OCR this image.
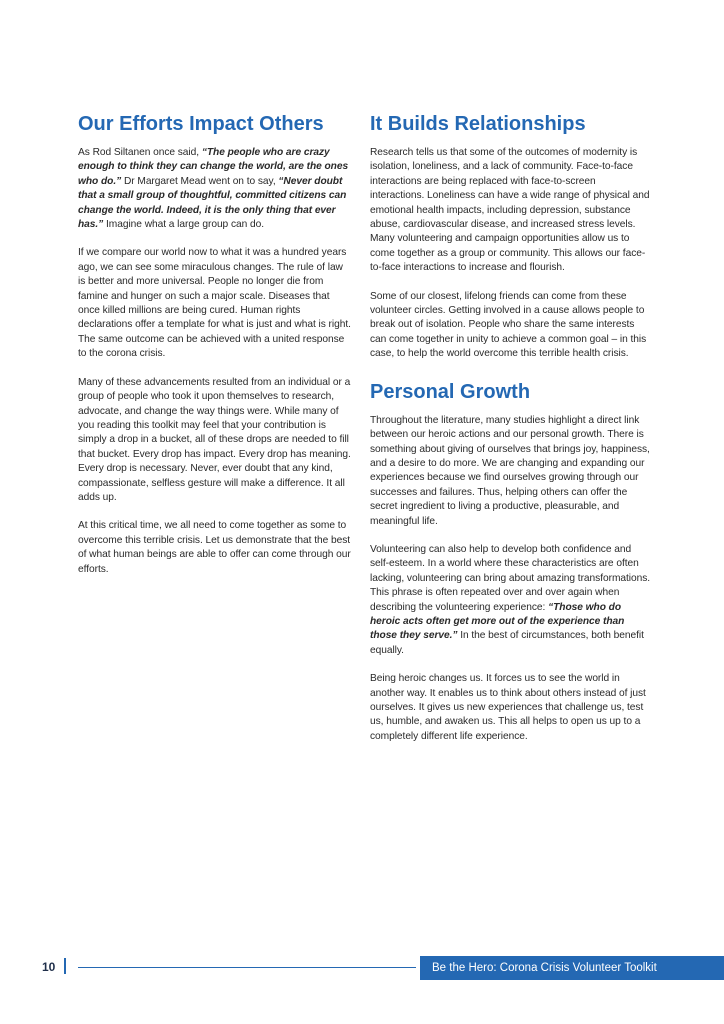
Our Efforts Impact Others

As Rod Siltanen once said, “The people who are crazy enough to think they can change the world, are the ones who do.” Dr Margaret Mead went on to say, “Never doubt that a small group of thoughtful, committed citizens can change the world. Indeed, it is the only thing that ever has.” Imagine what a large group can do.

If we compare our world now to what it was a hundred years ago, we can see some miraculous changes. The rule of law is better and more universal. People no longer die from famine and hunger on such a major scale. Diseases that once killed millions are being cured. Human rights declarations offer a template for what is just and what is right. The same outcome can be achieved with a united response to the corona crisis.

Many of these advancements resulted from an individual or a group of people who took it upon themselves to research, advocate, and change the way things were. While many of you reading this toolkit may feel that your contribution is simply a drop in a bucket, all of these drops are needed to fill that bucket. Every drop has impact. Every drop has meaning. Every drop is necessary. Never, ever doubt that any kind, compassionate, selfless gesture will make a difference. It all adds up.

At this critical time, we all need to come together as some to overcome this terrible crisis. Let us demonstrate that the best of what human beings are able to offer can come through our efforts.

It Builds Relationships

Research tells us that some of the outcomes of modernity is isolation, loneliness, and a lack of community. Face-to-face interactions are being replaced with face-to-screen interactions. Loneliness can have a wide range of physical and emotional health impacts, including depression, substance abuse, cardiovascular disease, and increased stress levels. Many volunteering and campaign opportunities allow us to come together as a group or community. This allows our face-to-face interactions to increase and flourish.

Some of our closest, lifelong friends can come from these volunteer circles. Getting involved in a cause allows people to break out of isolation. People who share the same interests can come together in unity to achieve a common goal – in this case, to help the world overcome this terrible health crisis.

Personal Growth

Throughout the literature, many studies highlight a direct link between our heroic actions and our personal growth. There is something about giving of ourselves that brings joy, happiness, and a desire to do more. We are changing and expanding our experiences because we find ourselves growing through our successes and failures. Thus, helping others can offer the secret ingredient to living a productive, pleasurable, and meaningful life.

Volunteering can also help to develop both confidence and self-esteem. In a world where these characteristics are often lacking, volunteering can bring about amazing transformations. This phrase is often repeated over and over again when describing the volunteering experience: “Those who do heroic acts often get more out of the experience than those they serve.” In the best of circumstances, both benefit equally.

Being heroic changes us. It forces us to see the world in another way. It enables us to think about others instead of just ourselves. It gives us new experiences that challenge us, test us, humble, and awaken us. This all helps to open us up to a completely different life experience.

10	Be the Hero: Corona Crisis Volunteer Toolkit
